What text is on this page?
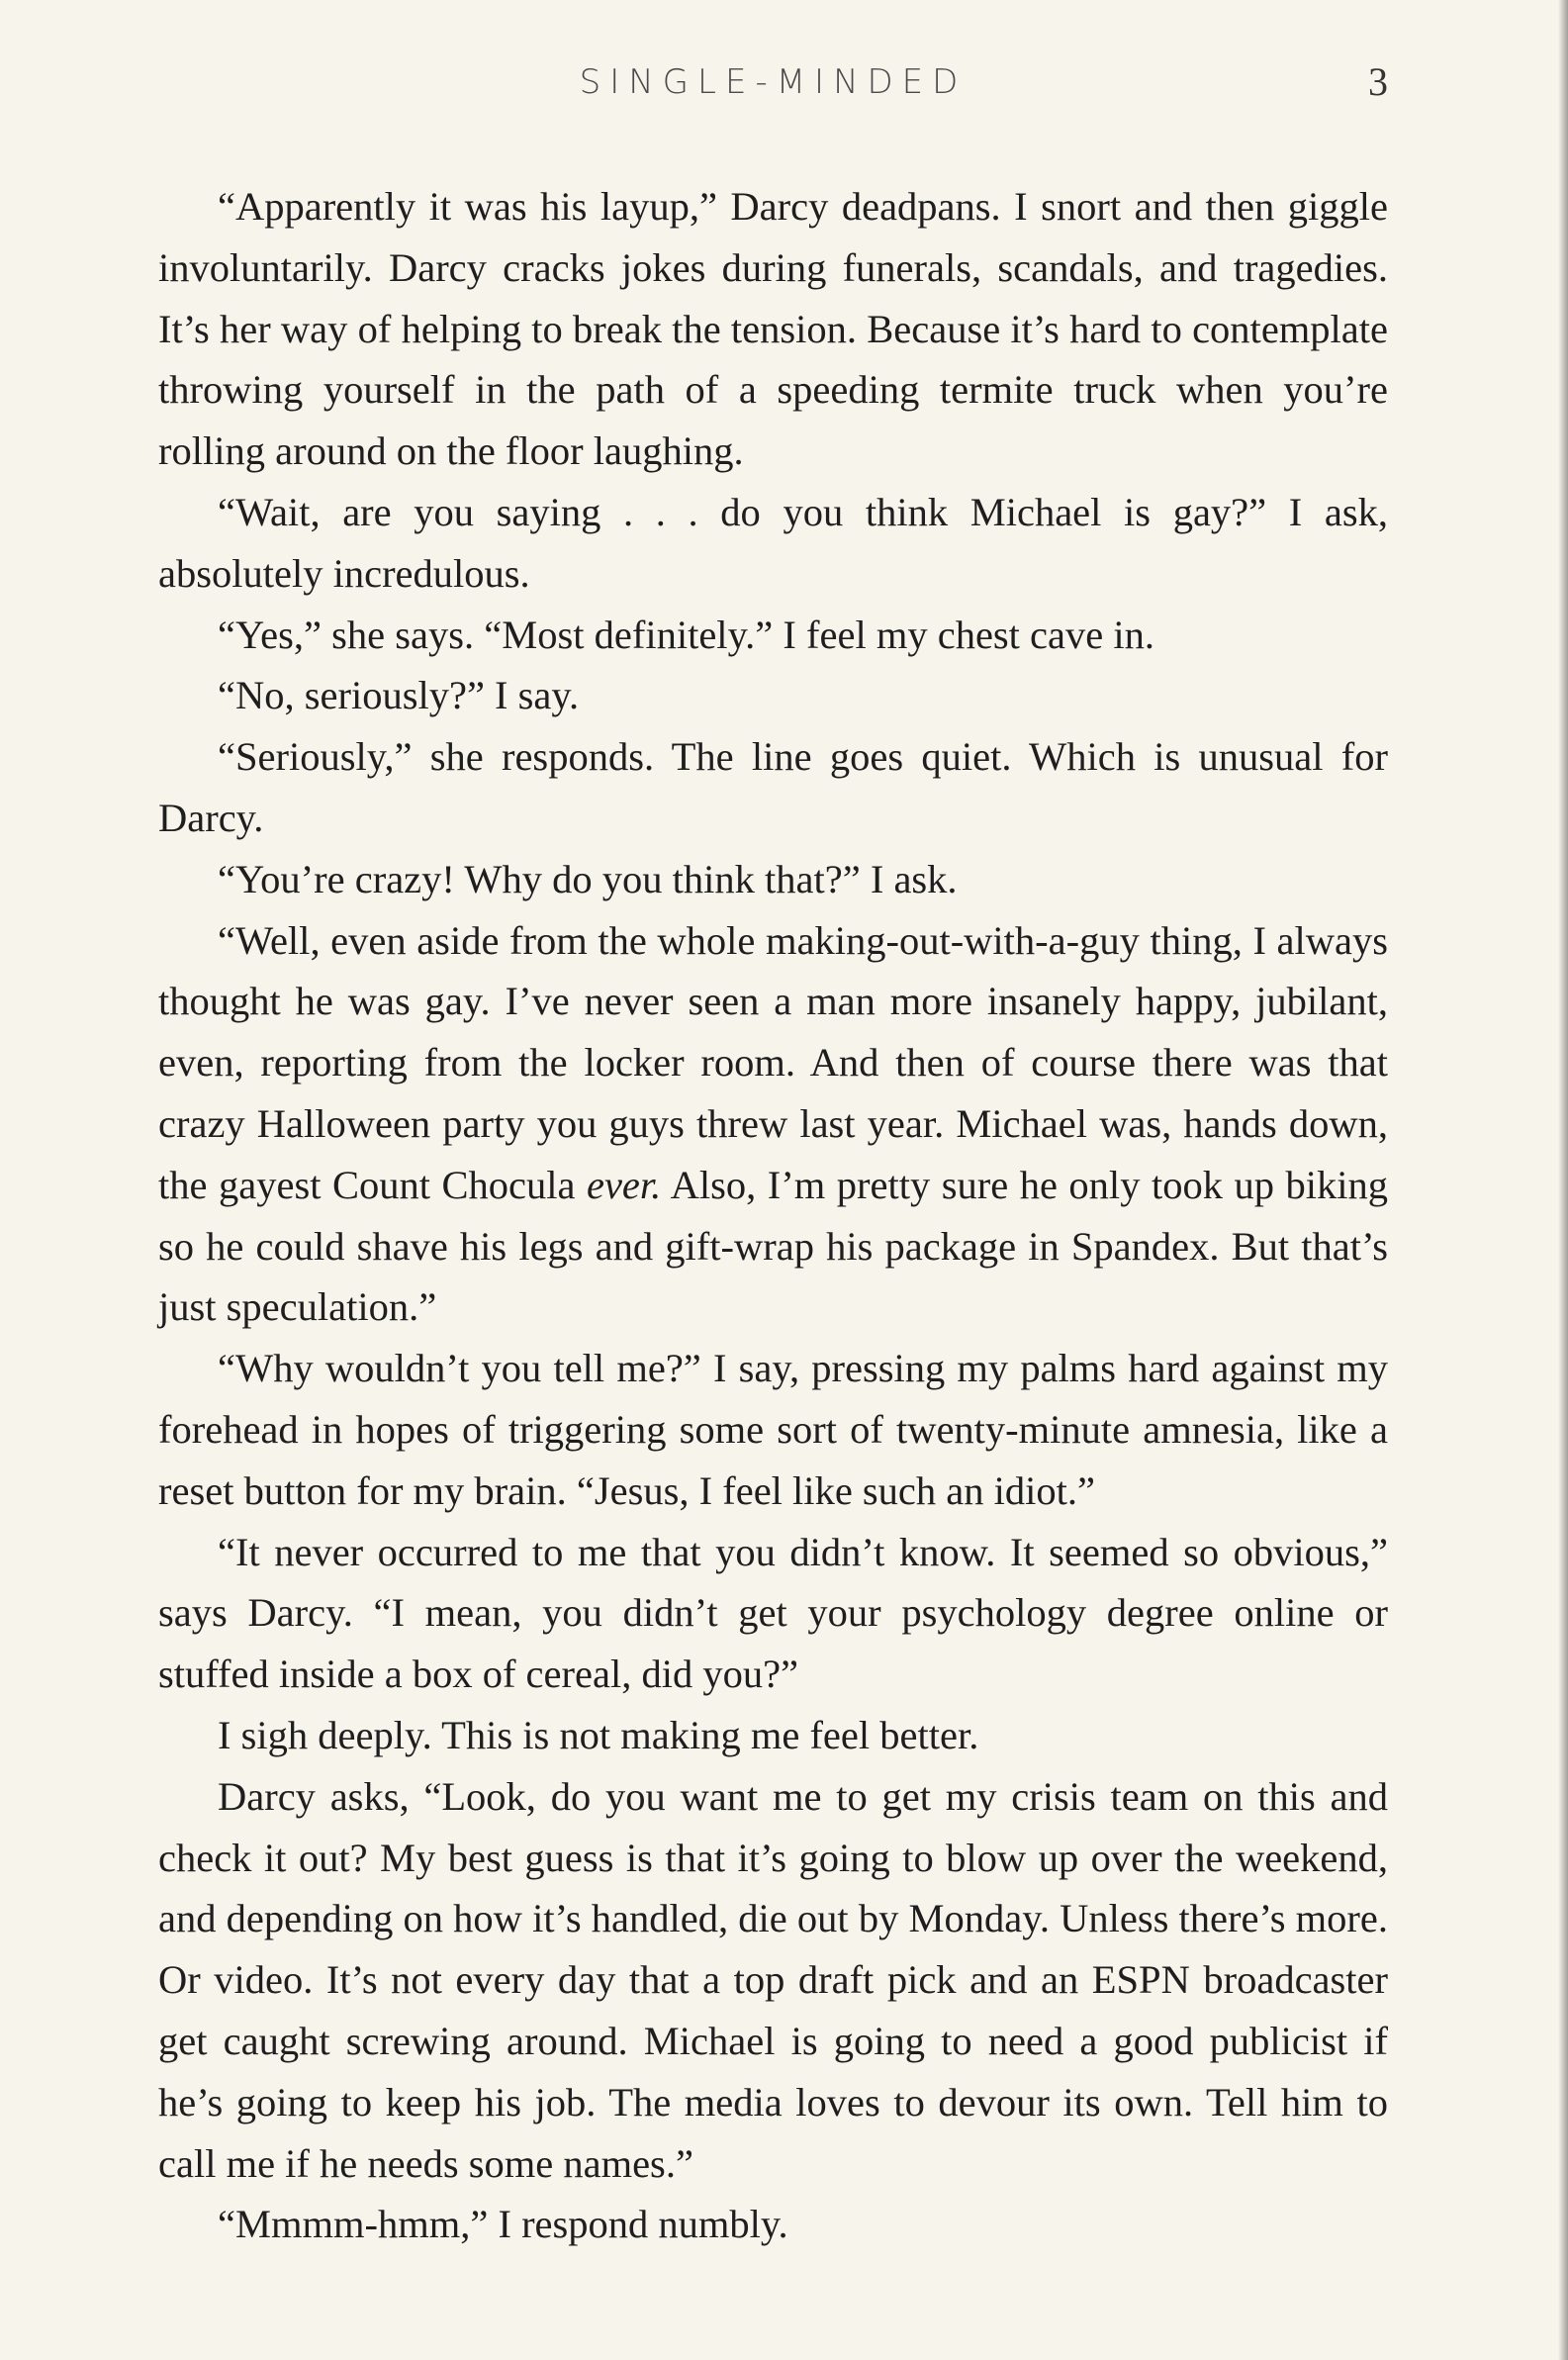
SINGLE-MINDED	3

“Apparently it was his layup,” Darcy deadpans. I snort and then giggle involuntarily. Darcy cracks jokes during funerals, scandals, and tragedies. It’s her way of helping to break the tension. Because it’s hard to contemplate throwing yourself in the path of a speeding termite truck when you’re rolling around on the floor laughing.

“Wait, are you saying . . . do you think Michael is gay?” I ask, absolutely incredulous.

“Yes,” she says. “Most definitely.” I feel my chest cave in.

“No, seriously?” I say.

“Seriously,” she responds. The line goes quiet. Which is unusual for Darcy.

“You’re crazy! Why do you think that?” I ask.

“Well, even aside from the whole making-out-with-a-guy thing, I always thought he was gay. I’ve never seen a man more insanely happy, jubilant, even, reporting from the locker room. And then of course there was that crazy Halloween party you guys threw last year. Michael was, hands down, the gayest Count Chocula ever. Also, I’m pretty sure he only took up biking so he could shave his legs and gift-wrap his package in Spandex. But that’s just speculation.”

“Why wouldn’t you tell me?” I say, pressing my palms hard against my forehead in hopes of triggering some sort of twenty-minute amnesia, like a reset button for my brain. “Jesus, I feel like such an idiot.”

“It never occurred to me that you didn’t know. It seemed so obvious,” says Darcy. “I mean, you didn’t get your psychology degree online or stuffed inside a box of cereal, did you?”

I sigh deeply. This is not making me feel better.

Darcy asks, “Look, do you want me to get my crisis team on this and check it out? My best guess is that it’s going to blow up over the weekend, and depending on how it’s handled, die out by Monday. Unless there’s more. Or video. It’s not every day that a top draft pick and an ESPN broadcaster get caught screwing around. Michael is going to need a good publicist if he’s going to keep his job. The media loves to devour its own. Tell him to call me if he needs some names.”

“Mmmm-hmm,” I respond numbly.
